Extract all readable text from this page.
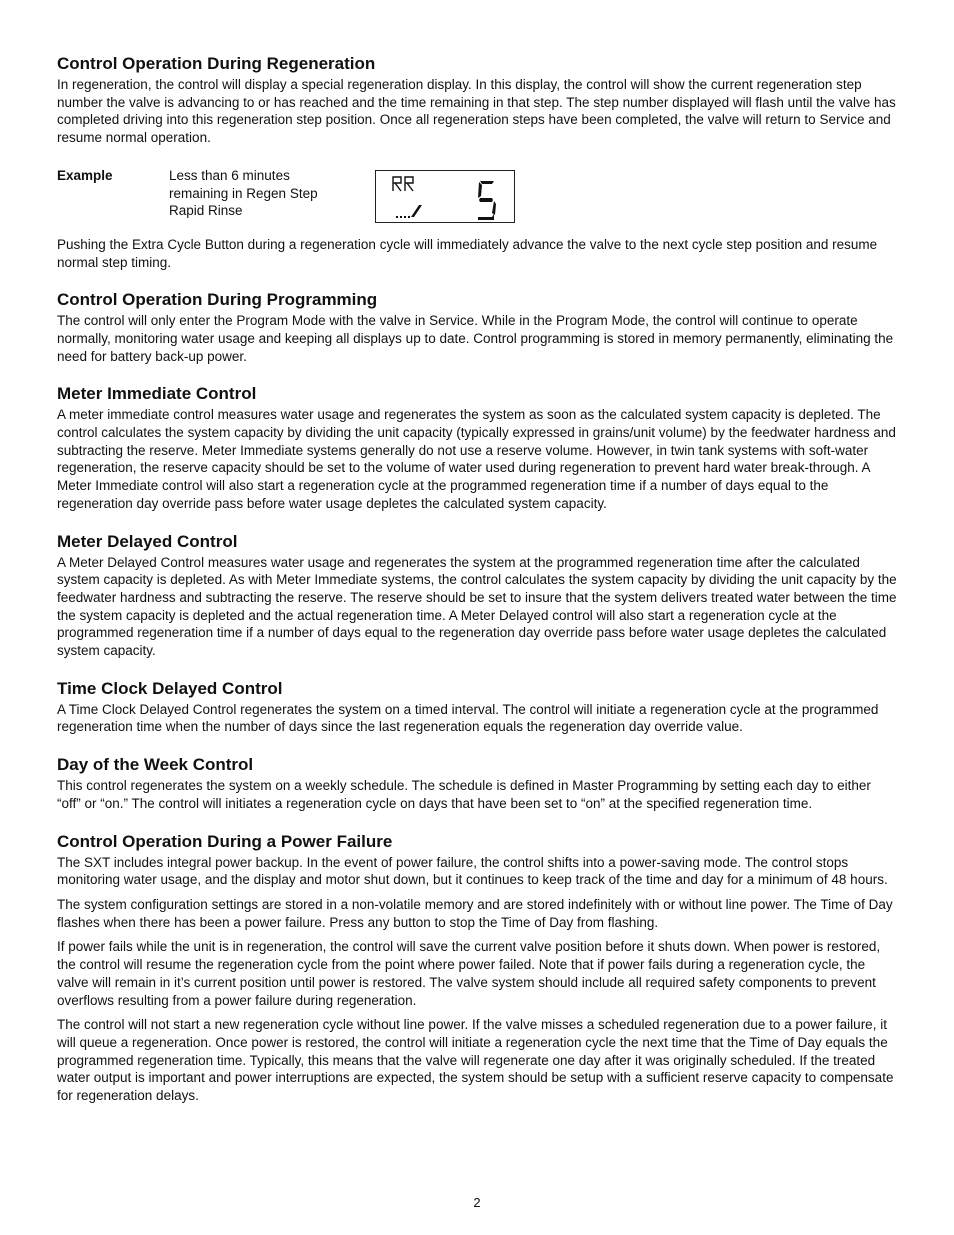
Control Operation During Regeneration

In regeneration, the control will display a special regeneration display. In this display, the control will show the current regeneration step number the valve is advancing to or has reached and the time remaining in that step. The step number displayed will flash until the valve has completed driving into this regeneration step position. Once all regeneration steps have been completed, the valve will return to Service and resume normal operation.

Example	Less than 6 minutes remaining in Regen Step Rapid Rinse

Pushing the Extra Cycle Button during a regeneration cycle will immediately advance the valve to the next cycle step position and resume normal step timing.

Control Operation During Programming

The control will only enter the Program Mode with the valve in Service. While in the Program Mode, the control will continue to operate normally, monitoring water usage and keeping all displays up to date. Control programming is stored in memory permanently, eliminating the need for battery back-up power.

Meter Immediate Control

A meter immediate control measures water usage and regenerates the system as soon as the calculated system capacity is depleted. The control calculates the system capacity by dividing the unit capacity (typically expressed in grains/unit volume) by the feedwater hardness and subtracting the reserve. Meter Immediate systems generally do not use a reserve volume. However, in twin tank systems with soft-water regeneration, the reserve capacity should be set to the volume of water used during regeneration to prevent hard water break-through. A Meter Immediate control will also start a regeneration cycle at the programmed regeneration time if a number of days equal to the regeneration day override pass before water usage depletes the calculated system capacity.

Meter Delayed Control

A Meter Delayed Control measures water usage and regenerates the system at the programmed regeneration time after the calculated system capacity is depleted. As with Meter Immediate systems, the control calculates the system capacity by dividing the unit capacity by the feedwater hardness and subtracting the reserve. The reserve should be set to insure that the system delivers treated water between the time the system capacity is depleted and the actual regeneration time. A Meter Delayed control will also start a regeneration cycle at the programmed regeneration time if a number of days equal to the regeneration day override pass before water usage depletes the calculated system capacity.

Time Clock Delayed Control

A Time Clock Delayed Control regenerates the system on a timed interval. The control will initiate a regeneration cycle at the programmed regeneration time when the number of days since the last regeneration equals the regeneration day override value.

Day of the Week Control

This control regenerates the system on a weekly schedule. The schedule is defined in Master Programming by setting each day to either “off” or “on.” The control will initiates a regeneration cycle on days that have been set to “on” at the specified regeneration time.

Control Operation During a Power Failure

The SXT includes integral power backup. In the event of power failure, the control shifts into a power-saving mode. The control stops monitoring water usage, and the display and motor shut down, but it continues to keep track of the time and day for a minimum of 48 hours.

The system configuration settings are stored in a non-volatile memory and are stored indefinitely with or without line power. The Time of Day flashes when there has been a power failure. Press any button to stop the Time of Day from flashing.

If power fails while the unit is in regeneration, the control will save the current valve position before it shuts down. When power is restored, the control will resume the regeneration cycle from the point where power failed. Note that if power fails during a regeneration cycle, the valve will remain in it’s current position until power is restored. The valve system should include all required safety components to prevent overflows resulting from a power failure during regeneration.

The control will not start a new regeneration cycle without line power. If the valve misses a scheduled regeneration due to a power failure, it will queue a regeneration. Once power is restored, the control will initiate a regeneration cycle the next time that the Time of Day equals the programmed regeneration time. Typically, this means that the valve will regenerate one day after it was originally scheduled. If the treated water output is important and power interruptions are expected, the system should be setup with a sufficient reserve capacity to compensate for regeneration delays.

2
